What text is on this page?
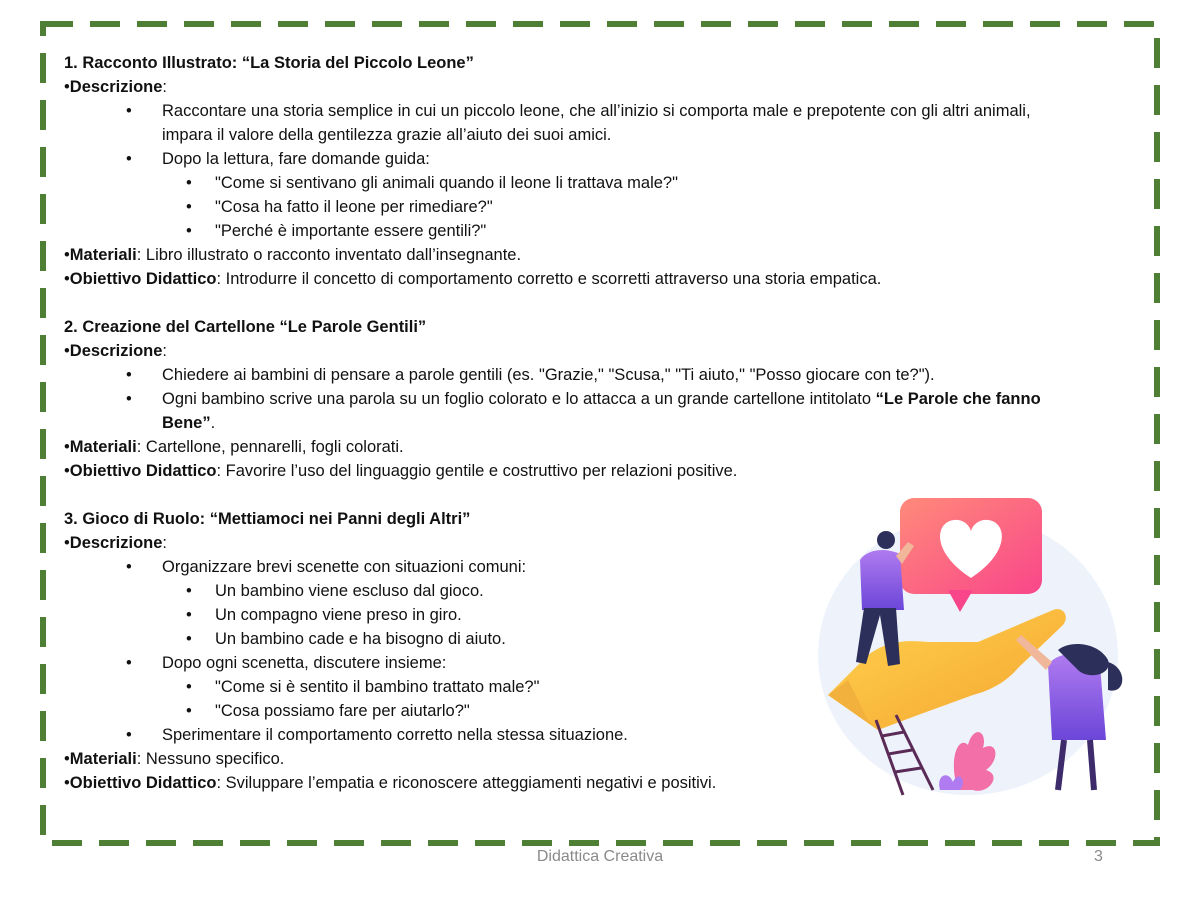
1. Racconto Illustrato: “La Storia del Piccolo Leone”
•Descrizione:
• Raccontare una storia semplice in cui un piccolo leone, che all’inizio si comporta male e prepotente con gli altri animali,
impara il valore della gentilezza grazie all’aiuto dei suoi amici.
• Dopo la lettura, fare domande guida:
• "Come si sentivano gli animali quando il leone li trattava male?"
• "Cosa ha fatto il leone per rimediare?"
• "Perché è importante essere gentili?"
•Materiali: Libro illustrato o racconto inventato dall’insegnante.
•Obiettivo Didattico: Introdurre il concetto di comportamento corretto e scorretti attraverso una storia empatica.
2. Creazione del Cartellone “Le Parole Gentili”
•Descrizione:
• Chiedere ai bambini di pensare a parole gentili (es. "Grazie," "Scusa," "Ti aiuto," "Posso giocare con te?").
• Ogni bambino scrive una parola su un foglio colorato e lo attacca a un grande cartellone intitolato “Le Parole che fanno
Bene”.
•Materiali: Cartellone, pennarelli, fogli colorati.
•Obiettivo Didattico: Favorire l’uso del linguaggio gentile e costruttivo per relazioni positive.
3. Gioco di Ruolo: “Mettiamoci nei Panni degli Altri”
•Descrizione:
• Organizzare brevi scenette con situazioni comuni:
• Un bambino viene escluso dal gioco.
• Un compagno viene preso in giro.
• Un bambino cade e ha bisogno di aiuto.
• Dopo ogni scenetta, discutere insieme:
• "Come si è sentito il bambino trattato male?"
• "Cosa possiamo fare per aiutarlo?"
• Sperimentare il comportamento corretto nella stessa situazione.
•Materiali: Nessuno specifico.
•Obiettivo Didattico: Sviluppare l’empatia e riconoscere atteggiamenti negativi e positivi.
Didattica Creativa	3
